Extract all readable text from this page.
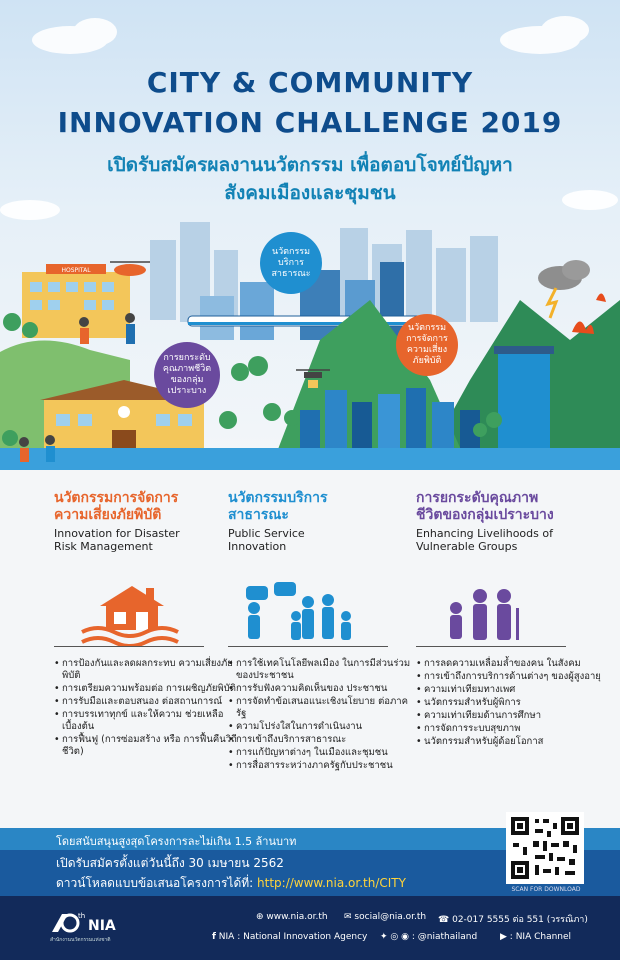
HOSPITAL
CITY & COMMUNITY
INNOVATION CHALLENGE 2019
เปิดรับสมัครผลงานนวัตกรรม เพื่อตอบโจทย์ปัญหา
สังคมเมืองและชุมชน
นวัตกรรม
บริการ
สาธารณะ
นวัตกรรม
การจัดการ
ความเสี่ยง
ภัยพิบัติ
การยกระดับ
คุณภาพชีวิต
ของกลุ่ม
เปราะบาง
นวัตกรรมการจัดการ
ความเสี่ยงภัยพิบัติ
Innovation for Disaster
Risk Management
• การป้องกันและลดผลกระทบ ความเสี่ยงภัยพิบัติ
• การเตรียมความพร้อมต่อ การเผชิญภัยพิบัติ
• การรับมือและตอบสนอง ต่อสถานการณ์
• การบรรเทาทุกข์ และให้ความ ช่วยเหลือเบื้องต้น
• การฟื้นฟู (การซ่อมสร้าง หรือ การฟื้นคืนวิถีชีวิต)
นวัตกรรมบริการ
สาธารณะ
Public Service
Innovation
• การใช้เทคโนโลยีพลเมือง ในการมีส่วนร่วมของประชาชน
• การรับฟังความคิดเห็นของ ประชาชน
• การจัดทำข้อเสนอแนะเชิงนโยบาย ต่อภาครัฐ
• ความโปร่งใสในการดำเนินงาน
• การเข้าถึงบริการสาธารณะ
• การแก้ปัญหาต่างๆ ในเมืองและชุมชน
• การสื่อสารระหว่างภาครัฐกับประชาชน
การยกระดับคุณภาพ
ชีวิตของกลุ่มเปราะบาง
Enhancing Livelihoods of
Vulnerable Groups
• การลดความเหลื่อมล้ำของคน ในสังคม
• การเข้าถึงการบริการด้านต่างๆ ของผู้สูงอายุ
• ความเท่าเทียมทางเพศ
• นวัตกรรมสำหรับผู้พิการ
• ความเท่าเทียมด้านการศึกษา
• การจัดการระบบสุขภาพ
• นวัตกรรมสำหรับผู้ด้อยโอกาส
โดยสนับสนุนสูงสุดโครงการละไม่เกิน 1.5 ล้านบาท
เปิดรับสมัครตั้งแต่วันนี้ถึง 30 เมษายน 2562
ดาวน์โหลดแบบข้อเสนอโครงการได้ที่: http://www.nia.or.th/CITY	SCAN FOR DOWNLOAD
th
NIA
สำนักงานนวัตกรรมแห่งชาติ
⊕ www.nia.or.th ✉ social@nia.or.th ☎ 02-017 5555 ต่อ 551 (วรรณิภา)
f NIA : National Innovation Agency ✦ ◎ ◉ : @niathailand	▶ : NIA Channel
